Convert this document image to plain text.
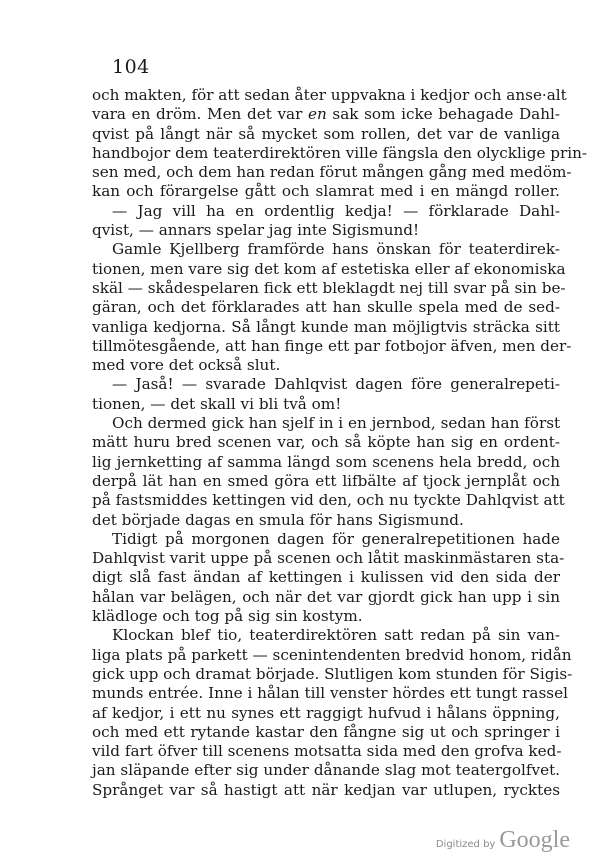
104
och makten, för att sedan åter uppvakna i kedjor och anse·alt
vara en dröm. Men det var en sak som icke behagade Dahl-
qvist på långt när så mycket som rollen, det var de vanliga
handbojor dem teaterdirektören ville fängsla den olycklige prin-
sen med, och dem han redan förut mången gång med medöm-
kan och förargelse gått och slamrat med i en mängd roller.
— Jag vill ha en ordentlig kedja! — förklarade Dahl-
qvist, — annars spelar jag inte Sigismund!
Gamle Kjellberg framförde hans önskan för teaterdirek-
tionen, men vare sig det kom af estetiska eller af ekonomiska
skäl — skådespelaren fick ett bleklagdt nej till svar på sin be-
gäran, och det förklarades att han skulle spela med de sed-
vanliga kedjorna. Så långt kunde man möjligtvis sträcka sitt
tillmötesgående, att han finge ett par fotbojor äfven, men der-
med vore det också slut.
— Jaså! — svarade Dahlqvist dagen före generalrepeti-
tionen, — det skall vi bli två om!
Och dermed gick han sjelf in i en jernbod, sedan han först
mätt huru bred scenen var, och så köpte han sig en ordent-
lig jernketting af samma längd som scenens hela bredd, och
derpå lät han en smed göra ett lifbälte af tjock jernplåt och
på fastsmiddes kettingen vid den, och nu tyckte Dahlqvist att
det började dagas en smula för hans Sigismund.
Tidigt på morgonen dagen för generalrepetitionen hade
Dahlqvist varit uppe på scenen och låtit maskinmästaren sta-
digt slå fast ändan af kettingen i kulissen vid den sida der
hålan var belägen, och när det var gjordt gick han upp i sin
klädloge och tog på sig sin kostym.
Klockan blef tio, teaterdirektören satt redan på sin van-
liga plats på parkett — scenintendenten bredvid honom, ridån
gick upp och dramat började. Slutligen kom stunden för Sigis-
munds entrée. Inne i hålan till venster hördes ett tungt rassel
af kedjor, i ett nu synes ett raggigt hufvud i hålans öppning,
och med ett rytande kastar den fångne sig ut och springer i
vild fart öfver till scenens motsatta sida med den grofva ked-
jan släpande efter sig under dånande slag mot teatergolfvet.
Språnget var så hastigt att när kedjan var utlupen, rycktes
Digitized by Google
